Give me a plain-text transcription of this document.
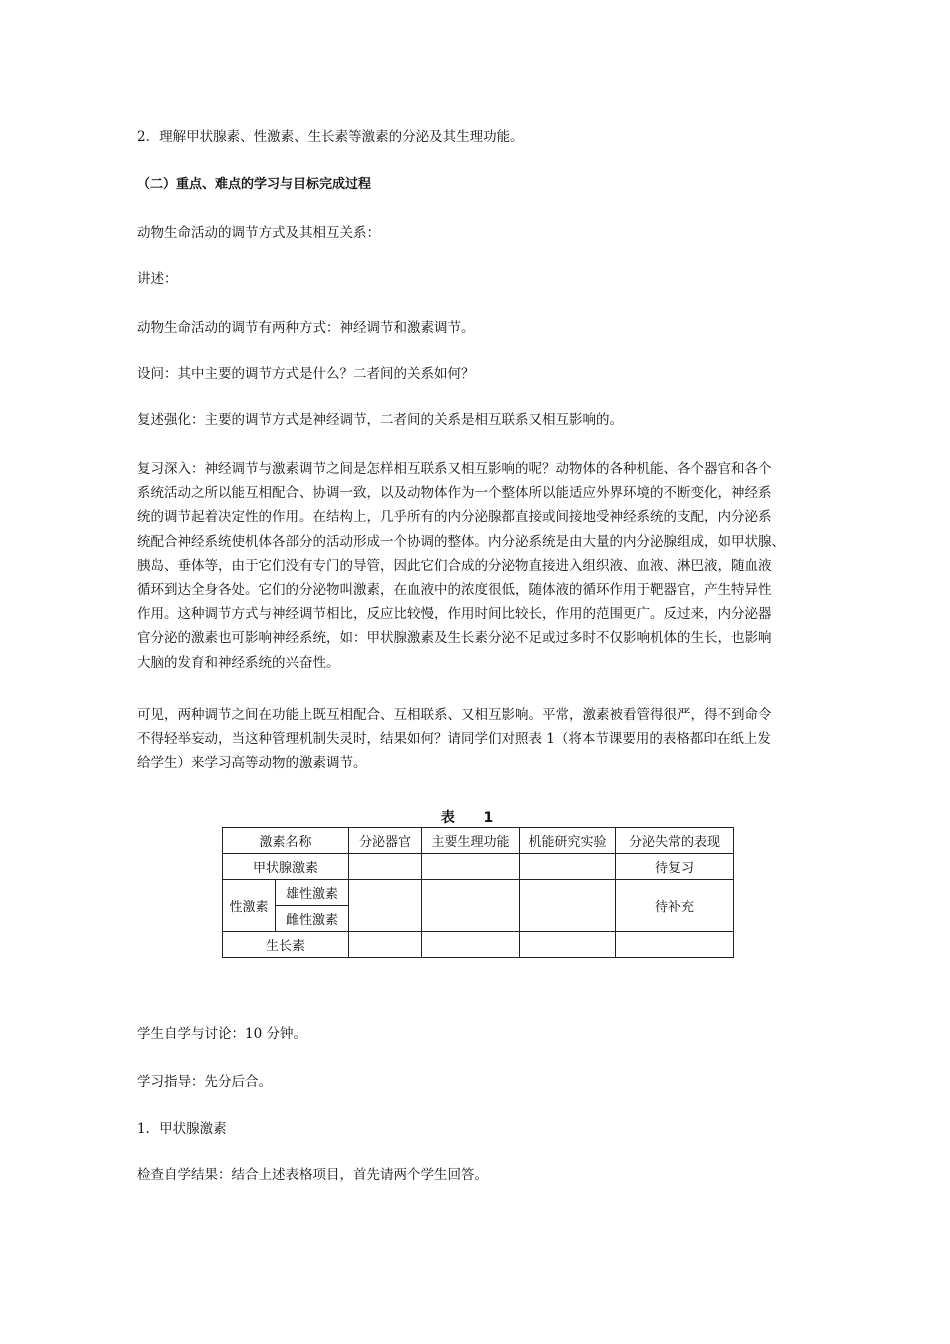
2．理解甲状腺素、性激素、生长素等激素的分泌及其生理功能。

（二）重点、难点的学习与目标完成过程

动物生命活动的调节方式及其相互关系：

讲述：

动物生命活动的调节有两种方式：神经调节和激素调节。

设问：其中主要的调节方式是什么？二者间的关系如何？

复述强化：主要的调节方式是神经调节，二者间的关系是相互联系又相互影响的。

复习深入：神经调节与激素调节之间是怎样相互联系又相互影响的呢？动物体的各种机能、各个器官和各个
系统活动之所以能互相配合、协调一致，以及动物体作为一个整体所以能适应外界环境的不断变化，神经系
统的调节起着决定性的作用。在结构上，几乎所有的内分泌腺都直接或间接地受神经系统的支配，内分泌系
统配合神经系统使机体各部分的活动形成一个协调的整体。内分泌系统是由大量的内分泌腺组成，如甲状腺、
胰岛、垂体等，由于它们没有专门的导管，因此它们合成的分泌物直接进入组织液、血液、淋巴液，随血液
循环到达全身各处。它们的分泌物叫激素，在血液中的浓度很低，随体液的循环作用于靶器官，产生特异性
作用。这种调节方式与神经调节相比，反应比较慢，作用时间比较长，作用的范围更广。反过来，内分泌器
官分泌的激素也可影响神经系统，如：甲状腺激素及生长素分泌不足或过多时不仅影响机体的生长，也影响
大脑的发育和神经系统的兴奋性。
可见，两种调节之间在功能上既互相配合、互相联系、又相互影响。平常，激素被看管得很严，得不到命令
不得轻举妄动，当这种管理机制失灵时，结果如何？请同学们对照表 1（将本节课要用的表格都印在纸上发
给学生）来学习高等动物的激素调节。
表 1
激素名称		分泌器官	主要生理功能	机能研究实验	分泌失常的表现
甲状腺激素					待复习
性激素	雄性激素				待补充
	雌性激素				
生长素					

学生自学与讨论：10 分钟。

学习指导：先分后合。

1．甲状腺激素

检查自学结果：结合上述表格项目，首先请两个学生回答。
